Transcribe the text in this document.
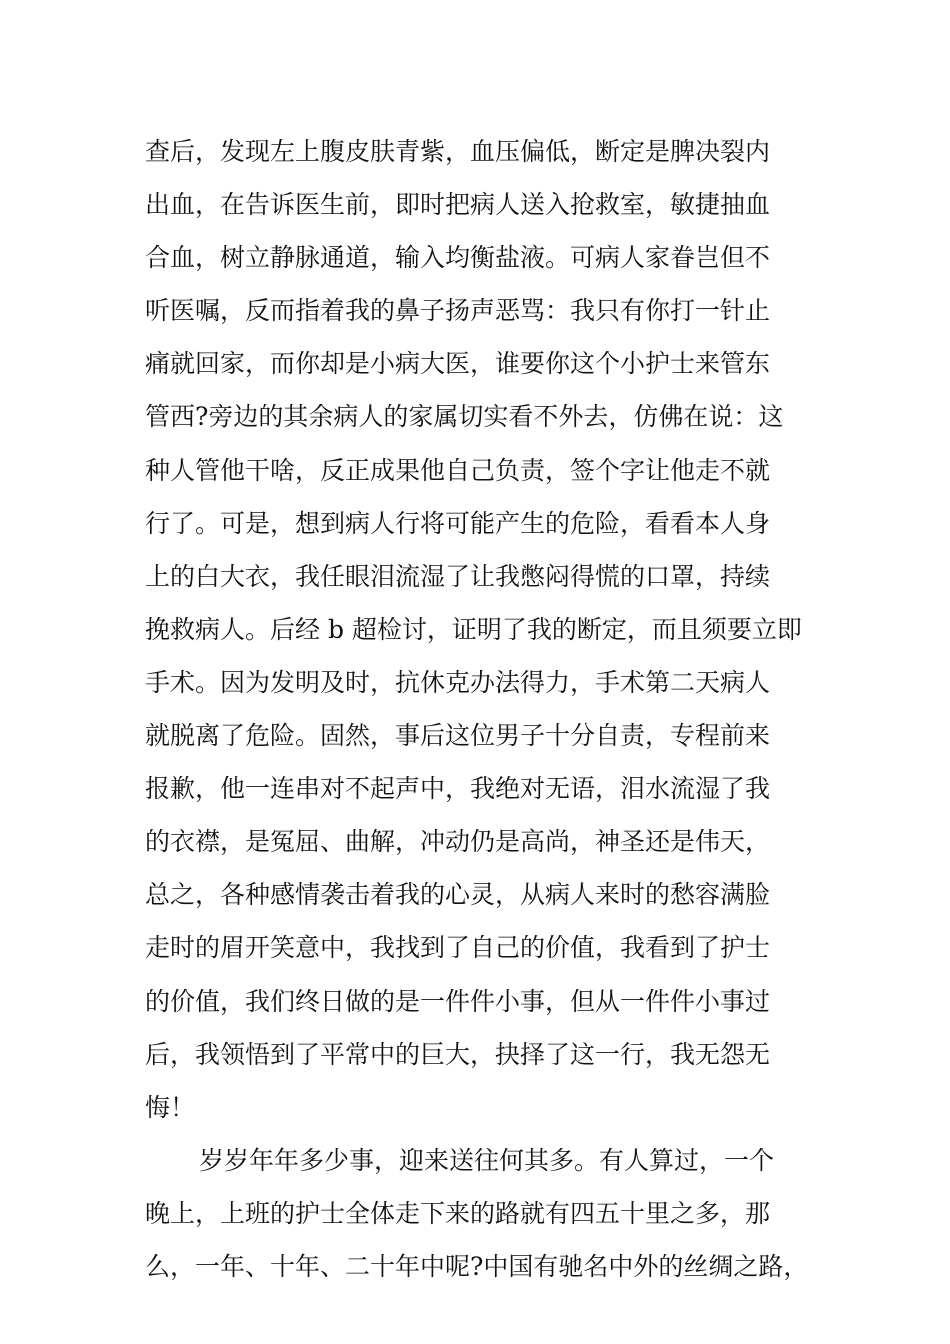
查后，发现左上腹皮肤青紫，血压偏低，断定是脾决裂内
出血，在告诉医生前，即时把病人送入抢救室，敏捷抽血
合血，树立静脉通道，输入均衡盐液。可病人家眷岂但不
听医嘱，反而指着我的鼻子扬声恶骂：我只有你打一针止
痛就回家，而你却是小病大医，谁要你这个小护士来管东
管西?旁边的其余病人的家属切实看不外去，仿佛在说：这
种人管他干啥，反正成果他自己负责，签个字让他走不就
行了。可是，想到病人行将可能产生的危险，看看本人身
上的白大衣，我任眼泪流湿了让我憋闷得慌的口罩，持续
挽救病人。后经 b 超检讨，证明了我的断定，而且须要立即
手术。因为发明及时，抗休克办法得力，手术第二天病人
就脱离了危险。固然，事后这位男子十分自责，专程前来
报歉，他一连串对不起声中，我绝对无语，泪水流湿了我
的衣襟，是冤屈、曲解，冲动仍是高尚，神圣还是伟天，
总之，各种感情袭击着我的心灵，从病人来时的愁容满脸
走时的眉开笑意中，我找到了自己的价值，我看到了护士
的价值，我们终日做的是一件件小事，但从一件件小事过
后，我领悟到了平常中的巨大，抉择了这一行，我无怨无
悔！
岁岁年年多少事，迎来送往何其多。有人算过，一个
晚上，上班的护士全体走下来的路就有四五十里之多，那
么，一年、十年、二十年中呢?中国有驰名中外的丝绸之路，
